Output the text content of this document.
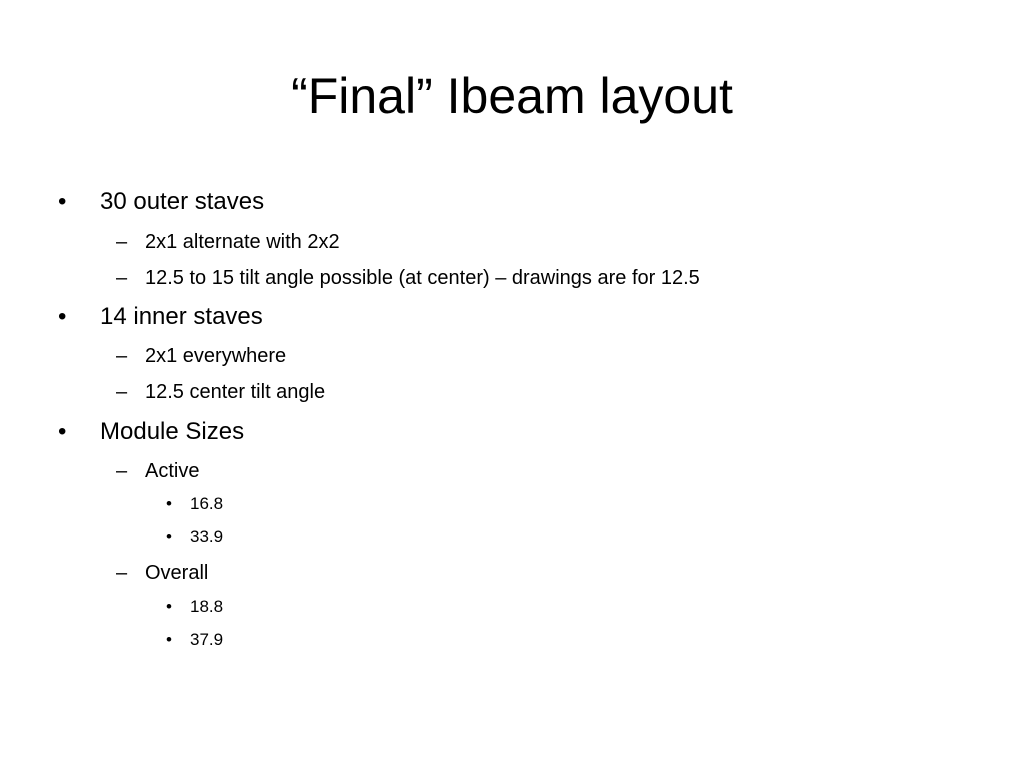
“Final” Ibeam layout
• 30 outer staves
– 2x1 alternate with 2x2
– 12.5 to 15 tilt angle possible (at center) – drawings are for 12.5
• 14 inner staves
– 2x1 everywhere
– 12.5 center tilt angle
• Module Sizes
– Active
• 16.8
• 33.9
– Overall
• 18.8
• 37.9
